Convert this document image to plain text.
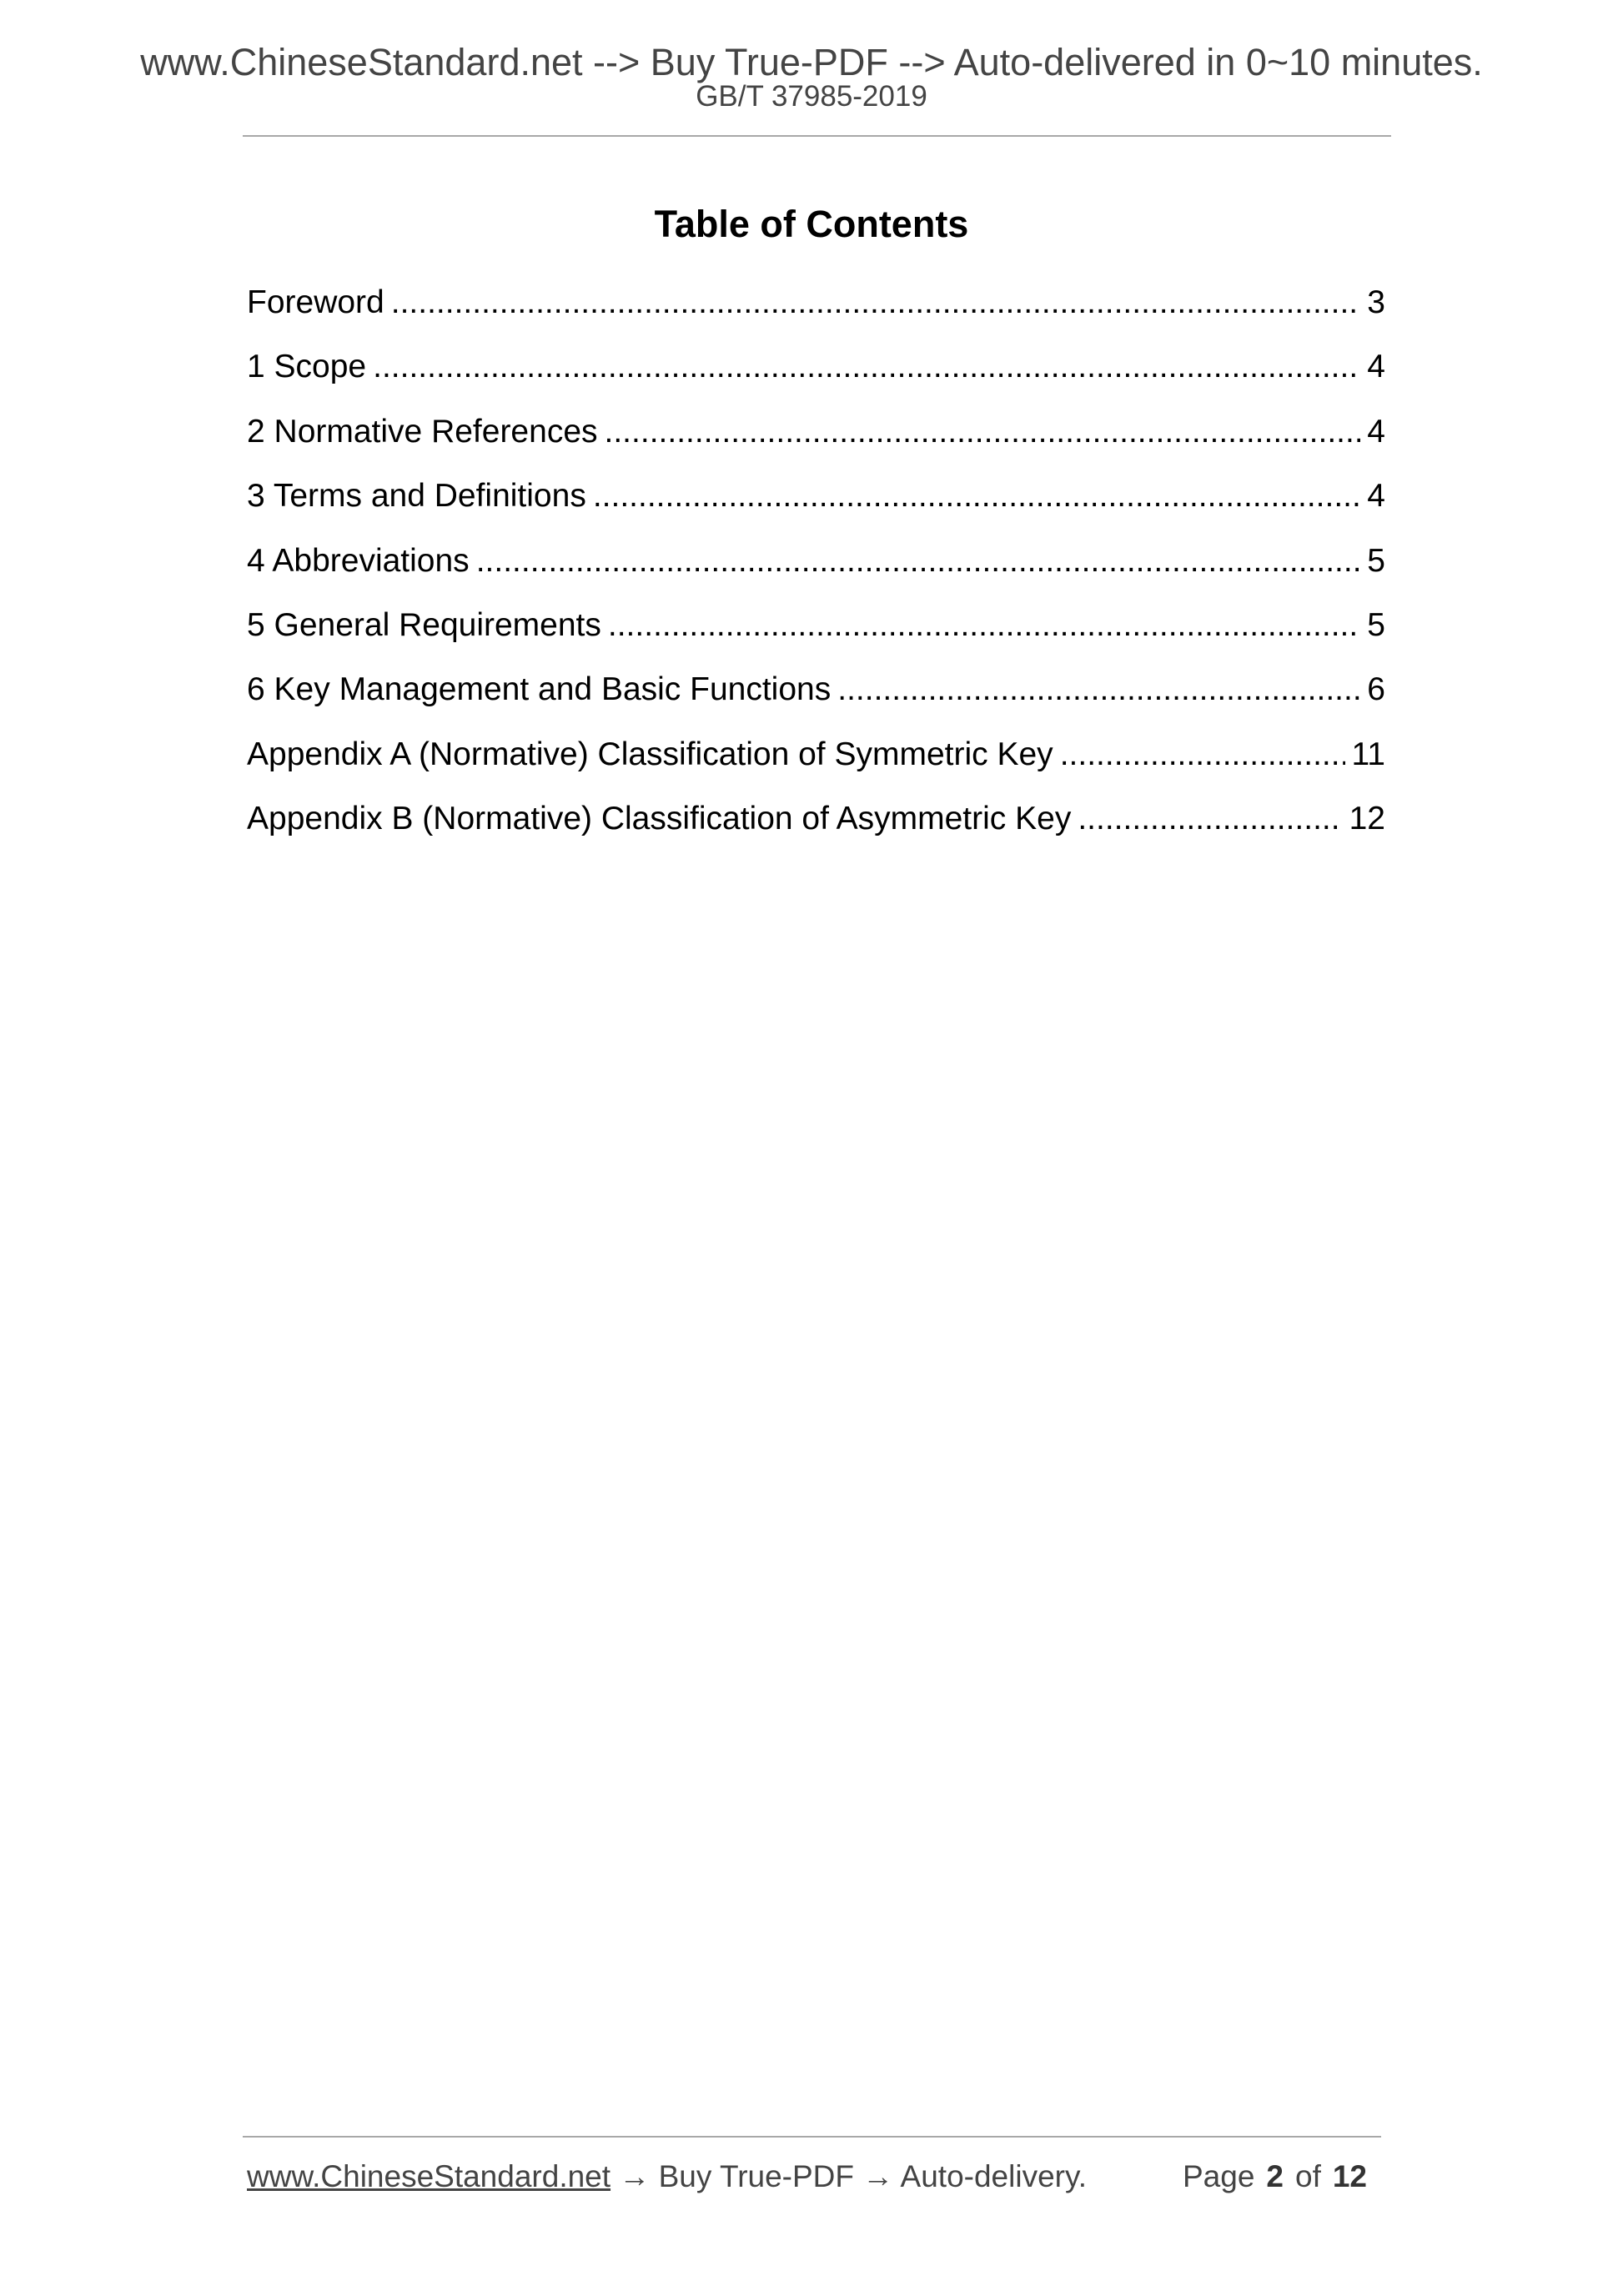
www.ChineseStandard.net --> Buy True-PDF --> Auto-delivered in 0~10 minutes.
GB/T 37985-2019
Table of Contents
Foreword .....	3
1 Scope .....	4
2 Normative References .....	4
3 Terms and Definitions .....	4
4 Abbreviations .....	5
5 General Requirements .....	5
6 Key Management and Basic Functions .....	6
Appendix A (Normative) Classification of Symmetric Key .....	11
Appendix B (Normative) Classification of Asymmetric Key .....	12
www.ChineseStandard.net → Buy True-PDF → Auto-delivery.	Page 2 of 12
